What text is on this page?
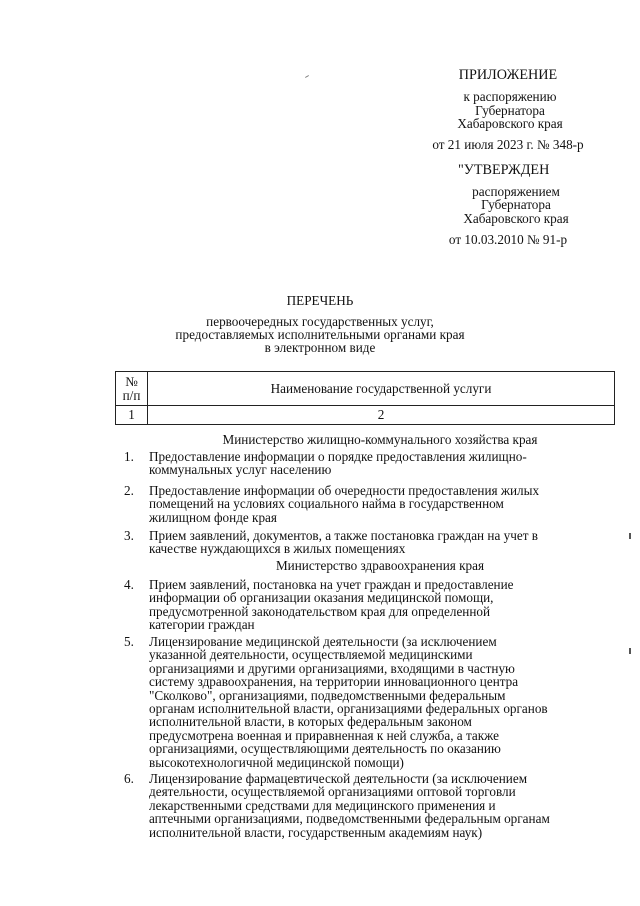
ПРИЛОЖЕНИЕ
к распоряжению
Губернатора
Хабаровского края
от 21 июля 2023 г. № 348-р
"УТВЕРЖДЕН
распоряжением
Губернатора
Хабаровского края
от 10.03.2010 № 91-р
ПЕРЕЧЕНЬ
первоочередных государственных услуг,
предоставляемых исполнительными органами края
в электронном виде
№
п/п	Наименование государственной услуги
1	2
Министерство жилищно-коммунального хозяйства края
1.	Предоставление информации о порядке предоставления жилищно-
коммунальных услуг населению
2.	Предоставление информации об очередности предоставления жилых
помещений на условиях социального найма в государственном
жилищном фонде края
3.	Прием заявлений, документов, а также постановка граждан на учет в
качестве нуждающихся в жилых помещениях
Министерство здравоохранения края
4.	Прием заявлений, постановка на учет граждан и предоставление
информации об организации оказания медицинской помощи,
предусмотренной законодательством края для определенной
категории граждан
5.	Лицензирование медицинской деятельности (за исключением
указанной деятельности, осуществляемой медицинскими
организациями и другими организациями, входящими в частную
систему здравоохранения, на территории инновационного центра
"Сколково", организациями, подведомственными федеральным
органам исполнительной власти, организациями федеральных органов
исполнительной власти, в которых федеральным законом
предусмотрена военная и приравненная к ней служба, а также
организациями, осуществляющими деятельность по оказанию
высокотехнологичной медицинской помощи)
6.	Лицензирование фармацевтической деятельности (за исключением
деятельности, осуществляемой организациями оптовой торговли
лекарственными средствами для медицинского применения и
аптечными организациями, подведомственными федеральным органам
исполнительной власти, государственным академиям наук)
